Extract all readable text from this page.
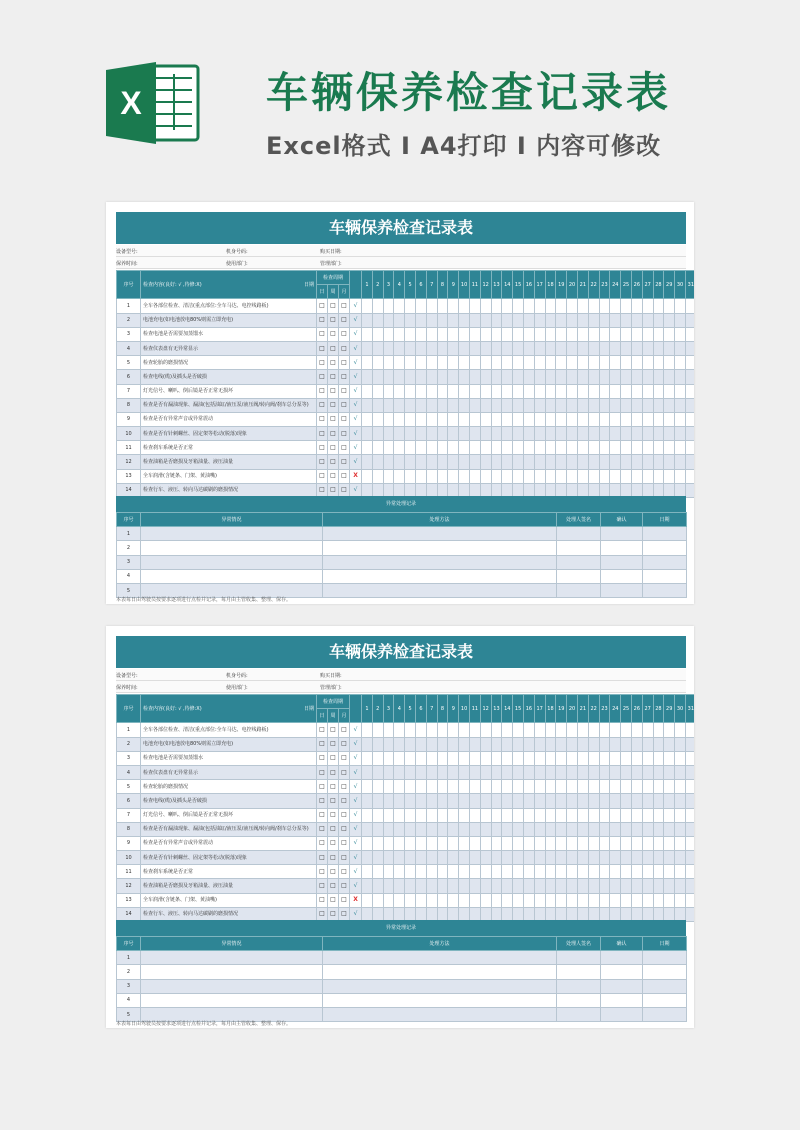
X	车辆保养检查记录表
Excel格式 I A4打印 I 内容可修改
车辆保养检查记录表
设备型号:	机身号码:	购买日期:
保养时间:	使用部门:	管理部门:
序号	检查内容(良好: √ ,待修:X) 日期	检查周期				1	2	3	4	5	6	7	8	9	10	11	12	13	14	15	16	17	18	19	20	21	22	23	24	25	26	27	28	29	30	31
		日	周	月																																
1	全车各部位检查、清洁(重点部位:全车马达、电控线路板)	□	□	□	√																															
2	电池充电(如电池放电80%则需立即充电)	□	□	□	√																															
3	检查电池是否需要加蒸馏水	□	□	□	√																															
4	检查仪表盘有无异常显示	□	□	□	√																															
5	检查轮胎的磨损情况	□	□	□	√																															
6	检查电线(缆)及插头是否破损	□	□	□	√																															
7	灯光信号、喇叭、倒后镜是否正常无损坏	□	□	□	√																															
8	检查是否有漏油现象、漏油(包括油缸/液压泵/液压阀/转向阀/刹车总分泵等)	□	□	□	√																															
9	检查是否有异常声音或异常震动	□	□	□	√																															
10	检查是否有针刺螺丝、固定架等松动(脱落)现象	□	□	□	√																															
11	检查刹车系统是否正常	□	□	□	√																															
12	检查油箱是否磨损及牙箱油量、液压油量	□	□	□	√																															
13	全车润滑(含链条、门架、黄油嘴)	□	□	□	X																															
14	检查行车、液压、转向马达碳刷的磨损情况	□	□	□	√																															
异常处理记录
序号	异常情况	处理方法	处理人签名	确认	日期
1					
2					
3					
4					
5					
本表每日由驾驶员按要求逐项进行点检并记录，每月由主管收集、整理、保存。
车辆保养检查记录表
设备型号:	机身号码:	购买日期:
保养时间:	使用部门:	管理部门:
序号	检查内容(良好: √ ,待修:X) 日期	检查周期				1	2	3	4	5	6	7	8	9	10	11	12	13	14	15	16	17	18	19	20	21	22	23	24	25	26	27	28	29	30	31
		日	周	月																																
1	全车各部位检查、清洁(重点部位:全车马达、电控线路板)	□	□	□	√																															
2	电池充电(如电池放电80%则需立即充电)	□	□	□	√																															
3	检查电池是否需要加蒸馏水	□	□	□	√																															
4	检查仪表盘有无异常显示	□	□	□	√																															
5	检查轮胎的磨损情况	□	□	□	√																															
6	检查电线(缆)及插头是否破损	□	□	□	√																															
7	灯光信号、喇叭、倒后镜是否正常无损坏	□	□	□	√																															
8	检查是否有漏油现象、漏油(包括油缸/液压泵/液压阀/转向阀/刹车总分泵等)	□	□	□	√																															
9	检查是否有异常声音或异常震动	□	□	□	√																															
10	检查是否有针刺螺丝、固定架等松动(脱落)现象	□	□	□	√																															
11	检查刹车系统是否正常	□	□	□	√																															
12	检查油箱是否磨损及牙箱油量、液压油量	□	□	□	√																															
13	全车润滑(含链条、门架、黄油嘴)	□	□	□	X																															
14	检查行车、液压、转向马达碳刷的磨损情况	□	□	□	√																															
异常处理记录
序号	异常情况	处理方法	处理人签名	确认	日期
1					
2					
3					
4					
5					
本表每日由驾驶员按要求逐项进行点检并记录，每月由主管收集、整理、保存。
